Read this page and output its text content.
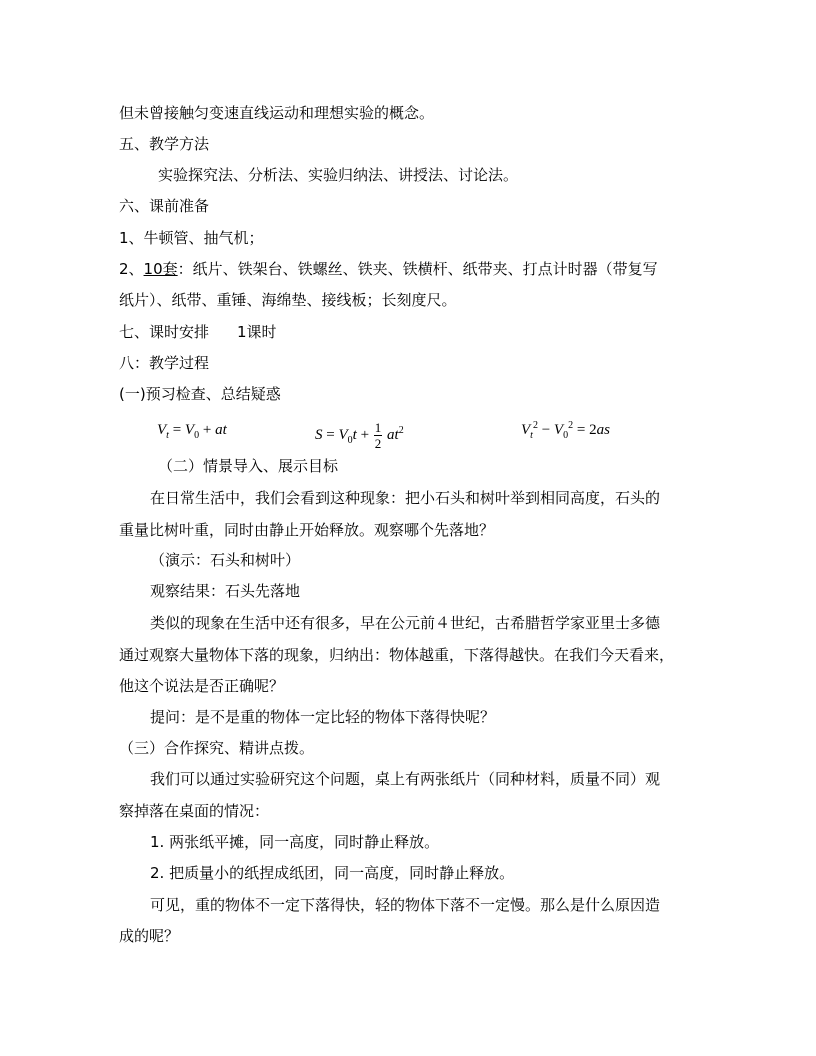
但未曾接触匀变速直线运动和理想实验的概念。
五、教学方法
实验探究法、分析法、实验归纳法、讲授法、讨论法。
六、课前准备
1、牛顿管、抽气机；
2、10套：纸片、铁架台、铁螺丝、铁夹、铁横杆、纸带夹、打点计时器（带复写
纸片）、纸带、重锤、海绵垫、接线板；长刻度尺。
七、课时安排 1课时
八：教学过程
(一)预习检查、总结疑惑
$V_t = V_0$ + at	$S = V_0t + \frac{1}{2} at^2$	$V_t^2 - V_0^2 = 2as$
（二）情景导入、展示目标
在日常生活中，我们会看到这种现象：把小石头和树叶举到相同高度，石头的
重量比树叶重，同时由静止开始释放。观察哪个先落地？
（演示：石头和树叶）
观察结果：石头先落地
类似的现象在生活中还有很多，早在公元前４世纪，古希腊哲学家亚里士多德
通过观察大量物体下落的现象，归纳出：物体越重，下落得越快。在我们今天看来，
他这个说法是否正确呢？
提问：是不是重的物体一定比轻的物体下落得快呢？
（三）合作探究、精讲点拨。
我们可以通过实验研究这个问题，桌上有两张纸片（同种材料，质量不同）观
察掉落在桌面的情况：
1. 两张纸平摊，同一高度，同时静止释放。
2. 把质量小的纸捏成纸团，同一高度，同时静止释放。
可见，重的物体不一定下落得快，轻的物体下落不一定慢。那么是什么原因造
成的呢？
